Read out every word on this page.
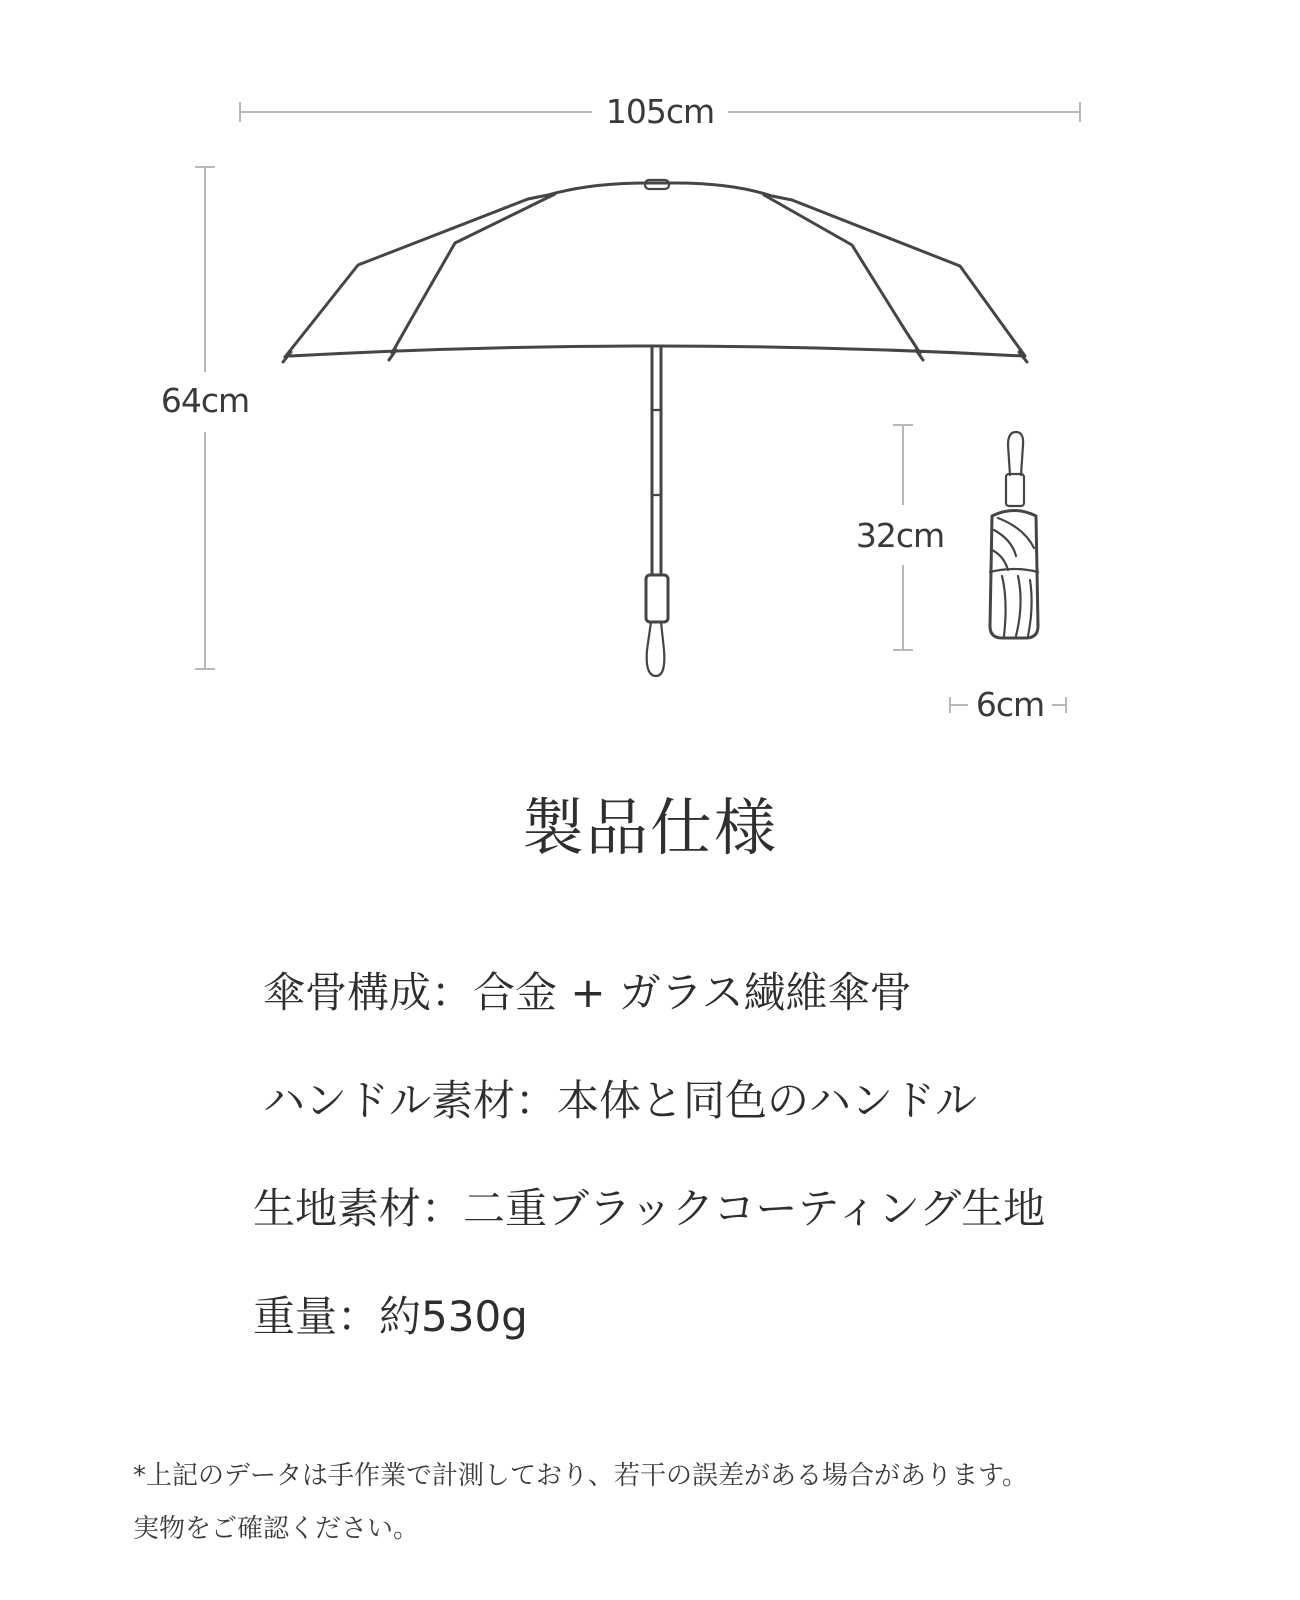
105cm
64cm
32cm
6cm
製品仕様

傘骨構成：合金 + ガラス繊維傘骨

ハンドル素材：本体と同色のハンドル

生地素材：二重ブラックコーティング生地

重量：約530g

*上記のデータは手作業で計測しており、若干の誤差がある場合があります。

実物をご確認ください。
